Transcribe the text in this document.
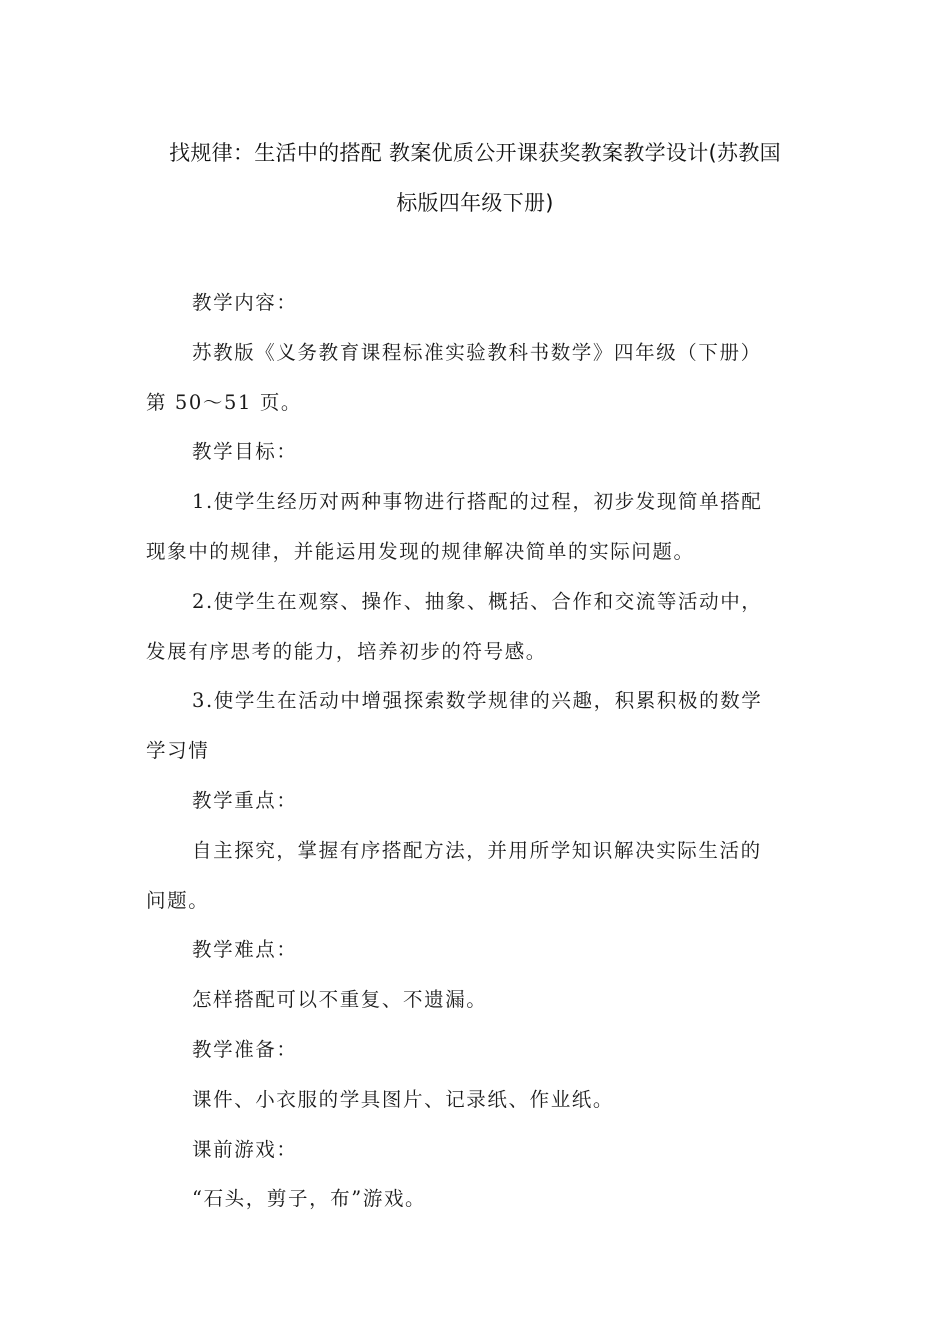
找规律：生活中的搭配 教案优质公开课获奖教案教学设计(苏教国
标版四年级下册)
教学内容：
苏教版《义务教育课程标准实验教科书数学》四年级（下册）
第 50～51 页。
教学目标：
1.使学生经历对两种事物进行搭配的过程，初步发现简单搭配
现象中的规律，并能运用发现的规律解决简单的实际问题。
2.使学生在观察、操作、抽象、概括、合作和交流等活动中，
发展有序思考的能力，培养初步的符号感。
3.使学生在活动中增强探索数学规律的兴趣，积累积极的数学
学习情
教学重点：
自主探究，掌握有序搭配方法，并用所学知识解决实际生活的
问题。
教学难点：
怎样搭配可以不重复、不遗漏。
教学准备：
课件、小衣服的学具图片、记录纸、作业纸。
课前游戏：
“石头，剪子，布”游戏。
